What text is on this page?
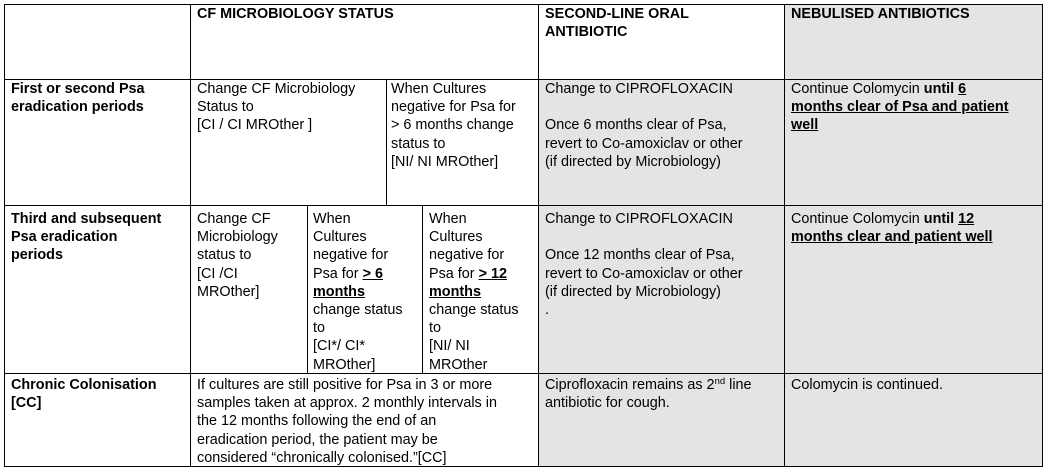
CF MICROBIOLOGY STATUS	SECOND-LINE ORAL
ANTIBIOTIC
NEBULISED ANTIBIOTICS
First or second Psa
eradication periods
Change CF Microbiology
Status to
[CI / CI MROther ]
When Cultures
negative for Psa for
> 6 months change
status to
[NI/ NI MROther]
Change to CIPROFLOXACIN
Once 6 months clear of Psa,
revert to Co-amoxiclav or other
(if directed by Microbiology)
Continue Colomycin until 6
months clear of Psa and patient
well
Third and subsequent
Psa eradication
periods
Change CF
Microbiology
status to
[CI /CI
MROther]
When
Cultures
negative for
Psa for > 6
months
change status
to
[CI*/ CI*
MROther]
When
Cultures
negative for
Psa for > 12
months
change status
to
[NI/ NI
MROther
Change to CIPROFLOXACIN
Once 12 months clear of Psa,
revert to Co-amoxiclav or other
(if directed by Microbiology)
.
Continue Colomycin until 12
months clear and patient well
Chronic Colonisation
[CC]
If cultures are still positive for Psa in 3 or more
samples taken at approx. 2 monthly intervals in
the 12 months following the end of an
eradication period, the patient may be
considered “chronically colonised.”[CC]
Ciprofloxacin remains as 2nd line
antibiotic for cough.
Colomycin is continued.
